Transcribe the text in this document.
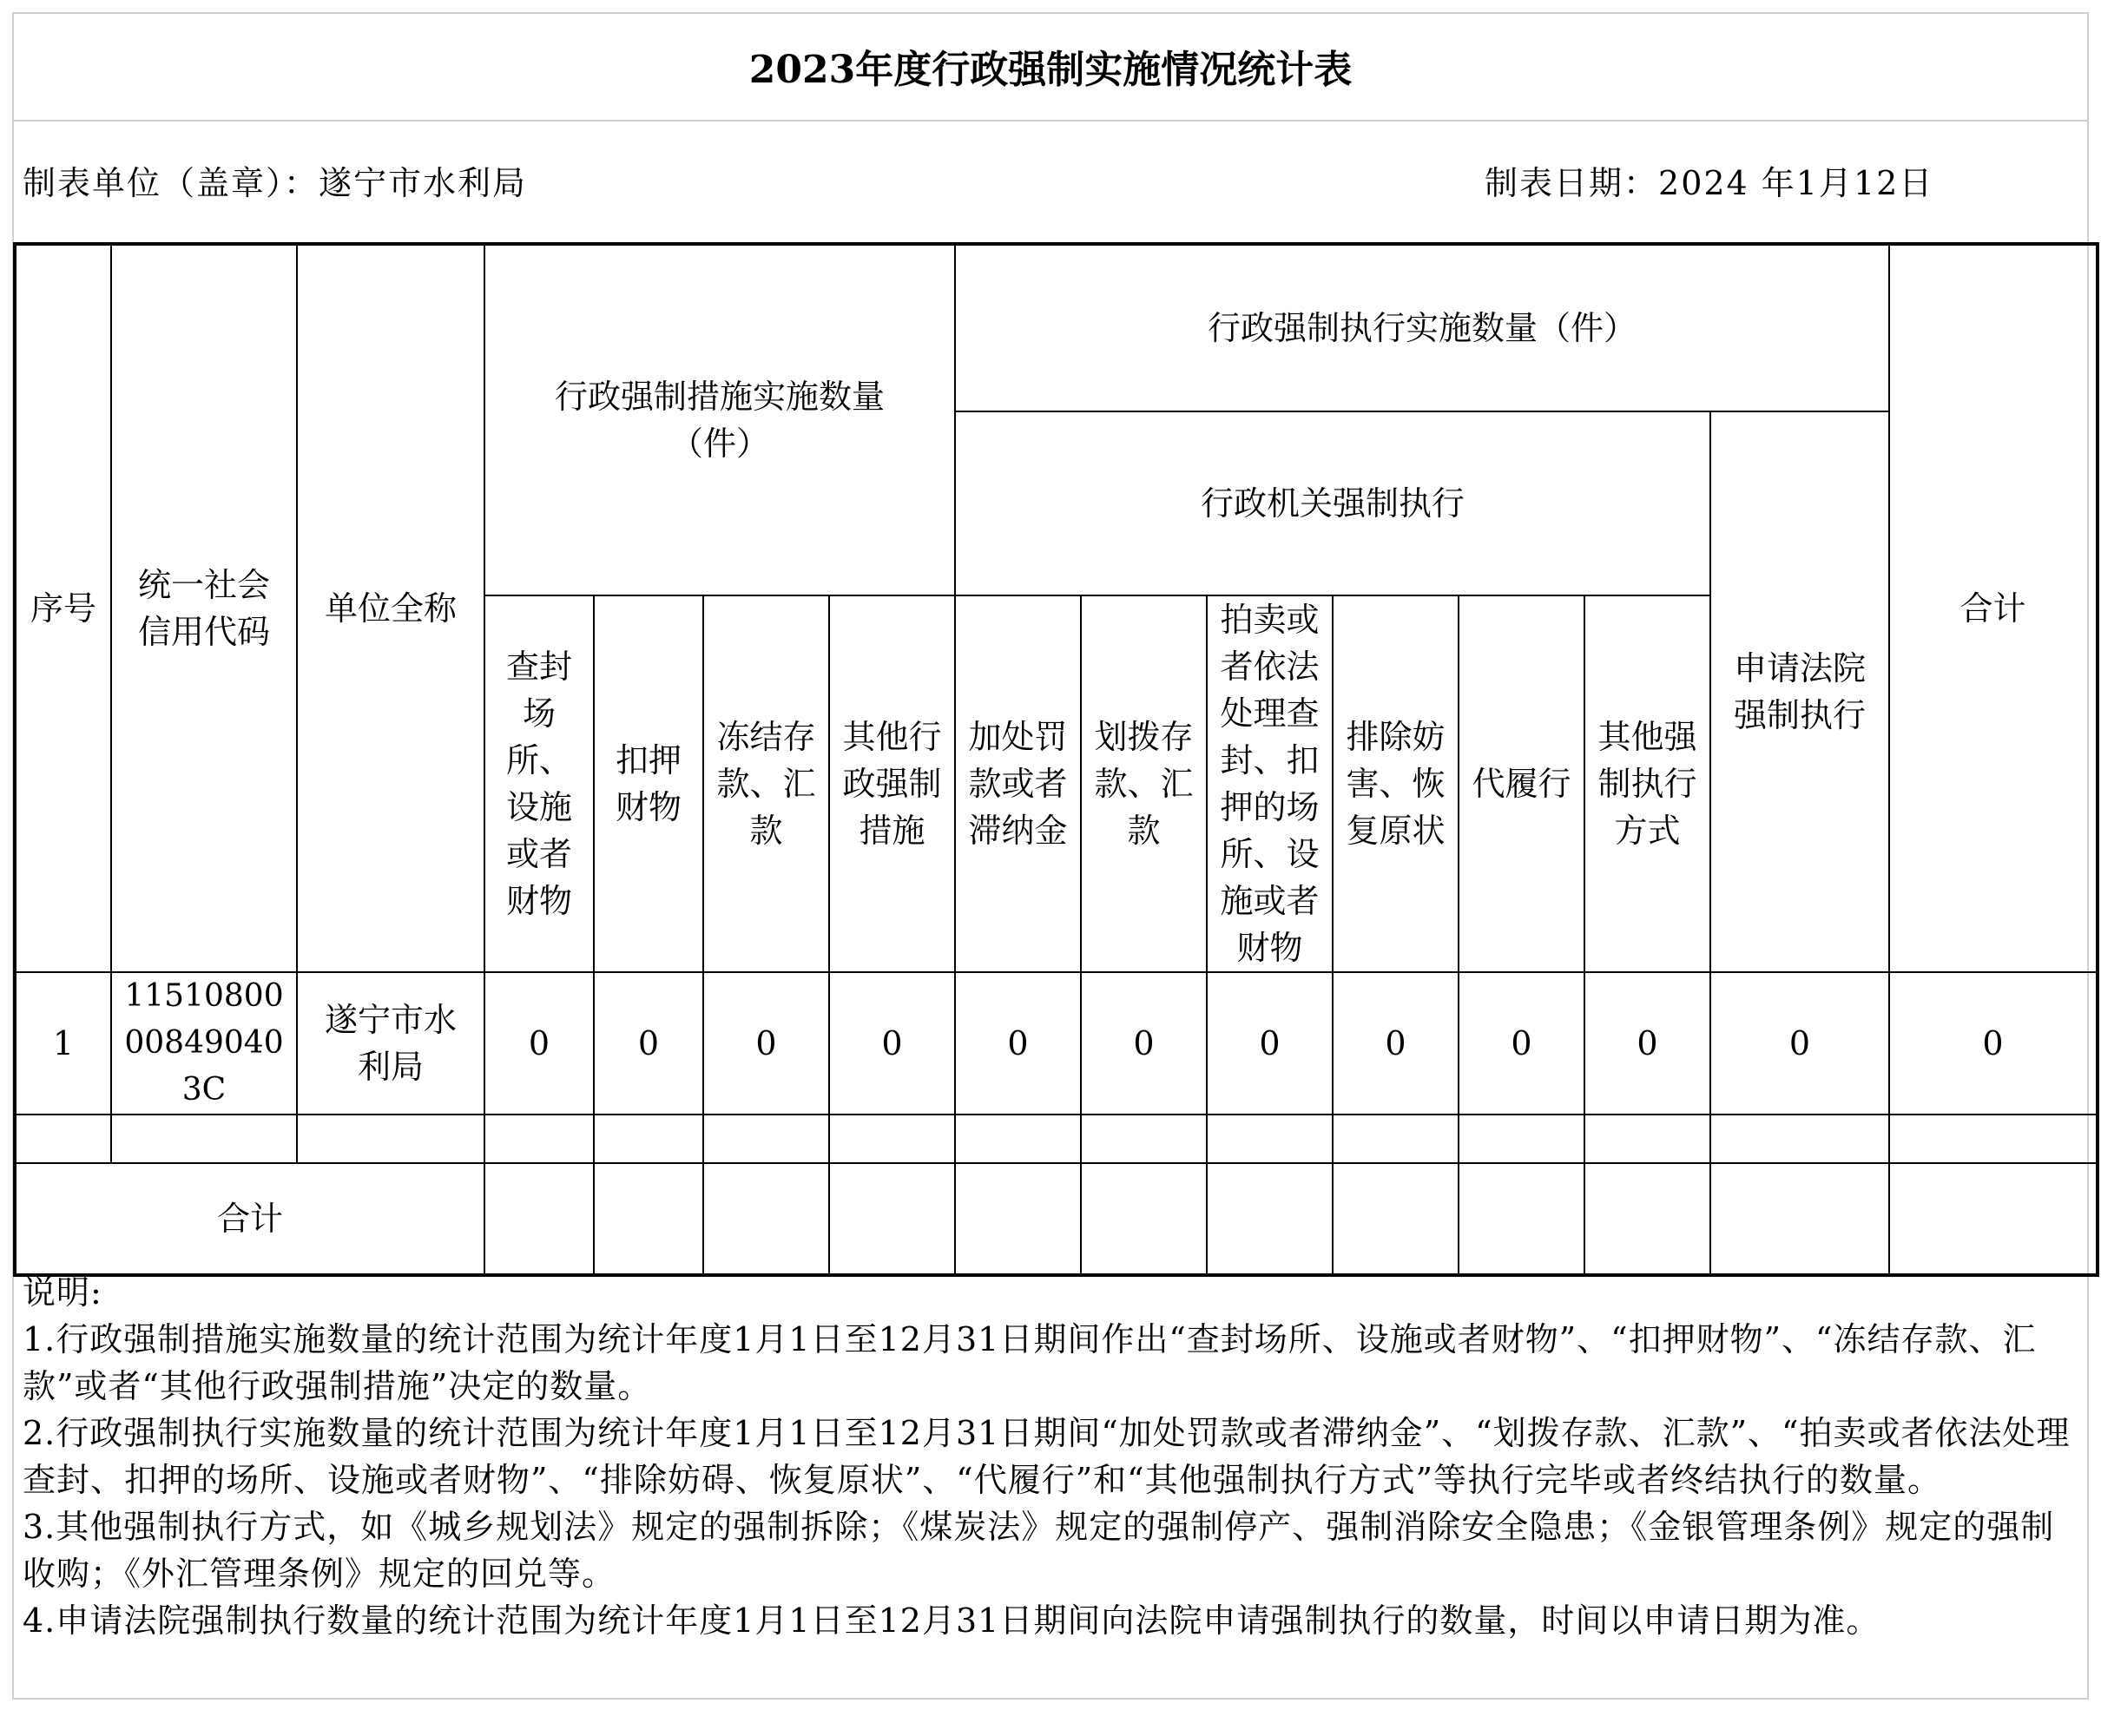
2023年度行政强制实施情况统计表
制表单位（盖章）：遂宁市水利局	制表日期：2024 年1月12日
序号	统一社会信用代码	单位全称	行政强制措施实施数量（件）				行政强制执行实施数量（件）							合计
							行政机关强制执行						申请法院强制执行	
			查封场所、设施或者财物	扣押财物	冻结存款、汇款	其他行政强制措施	加处罚款或者滞纳金	划拨存款、汇款	拍卖或者依法处理查封、扣押的场所、设施或者财物	排除妨害、恢复原状	代履行	其他强制执行方式		
1	11510800008490403C	遂宁市水利局	0	0	0	0	0	0	0	0	0	0	0	0

合计														

说明:

1.行政强制措施实施数量的统计范围为统计年度1月1日至12月31日期间作出“查封场所、设施或者财物”、“扣押财物”、“冻结存款、汇款”或者“其他行政强制措施”决定的数量。

2.行政强制执行实施数量的统计范围为统计年度1月1日至12月31日期间“加处罚款或者滞纳金”、“划拨存款、汇款”、“拍卖或者依法处理查封、扣押的场所、设施或者财物”、“排除妨碍、恢复原状”、“代履行”和“其他强制执行方式”等执行完毕或者终结执行的数量。

3.其他强制执行方式，如《城乡规划法》规定的强制拆除；《煤炭法》规定的强制停产、强制消除安全隐患；《金银管理条例》规定的强制收购；《外汇管理条例》规定的回兑等。

4.申请法院强制执行数量的统计范围为统计年度1月1日至12月31日期间向法院申请强制执行的数量，时间以申请日期为准。
